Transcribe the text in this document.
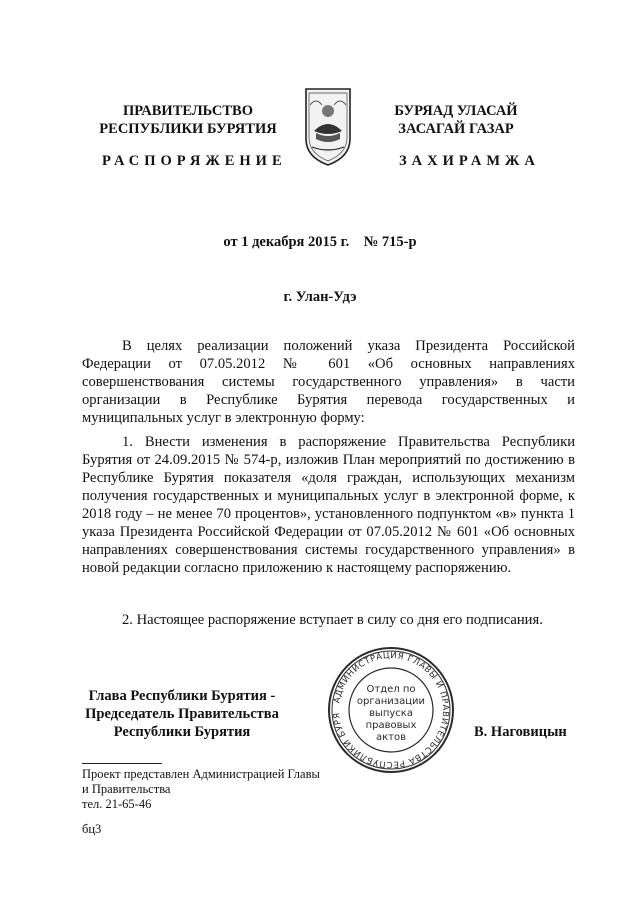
ПРАВИТЕЛЬСТВО
РЕСПУБЛИКИ БУРЯТИЯ
РАСПОРЯЖЕНИЕ
БУРЯАД УЛАСАЙ
ЗАСАГАЙ ГАЗАР
ЗАХИРАМЖА
от 1 декабря 2015 г.    № 715-р
г. Улан-Удэ

В целях реализации положений указа Президента Российской Федерации от 07.05.2012 № 601 «Об основных направлениях совершенствования системы государственного управления» в части организации в Республике Бурятия перевода государственных и муниципальных услуг в электронную форму:

1. Внести изменения в распоряжение Правительства Республики Бурятия от 24.09.2015 № 574-р, изложив План мероприятий по достижению в Республике Бурятия показателя «доля граждан, использующих механизм получения государственных и муниципальных услуг в электронной форме, к 2018 году – не менее 70 процентов», установленного подпунктом «в» пункта 1 указа Президента Российской Федерации от 07.05.2012 № 601 «Об основных направлениях совершенствования системы государственного управления» в новой редакции согласно приложению к настоящему распоряжению.

2. Настоящее распоряжение вступает в силу со дня его подписания.

Глава Республики Бурятия -
Председатель Правительства
Республики Бурятия	В. Наговицын
АДМИНИСТРАЦИЯ ГЛАВЫ И ПРАВИТЕЛЬСТВА РЕСПУБЛИКИ БУРЯ
Отдел по
организации
выпуска
правовых
актов
Проект представлен Администрацией Главы
и Правительства
тел. 21-65-46
бц3
